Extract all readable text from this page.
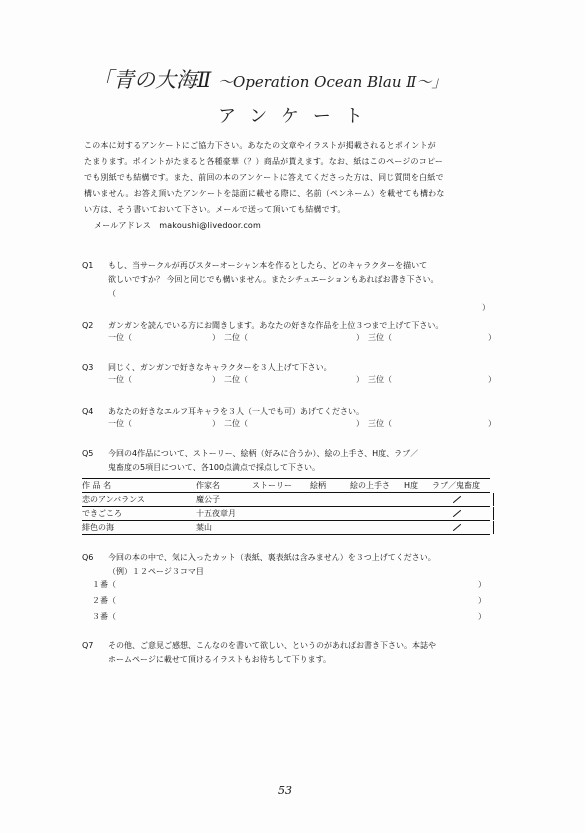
「青の大海Ⅱ ～Operation Ocean Blau Ⅱ～」
アンケート
この本に対するアンケートにご協力下さい。あなたの文章やイラストが掲載されるとポイントが
たまります。ポイントがたまると各種豪華（？）商品が貰えます。なお、紙はこのページのコピー
でも別紙でも結構です。また、前回の本のアンケートに答えてくださった方は、同じ質問を白紙で
構いません。お答え頂いたアンケートを誌面に載せる際に、名前（ペンネーム）を載せても構わな
い方は、そう書いておいて下さい。メールで送って頂いても結構です。
メールアドレス　makoushi@livedoor.com
Q1	もし、当サークルが再びスターオーシャン本を作るとしたら、どのキャラクターを描いて
欲しいですか？ 今回と同じでも構いません。またシチュエーションもあればお書き下さい。
（
）
Q2	ガンガンを読んでいる方にお聞きします。あなたの好きな作品を上位３つまで上げて下さい。
一位（	）　二位（	）　三位（	）
Q3	同じく、ガンガンで好きなキャラクターを３人上げて下さい。
一位（	）　二位（	）　三位（	）
Q4	あなたの好きなエルフ耳キャラを３人（一人でも可）あげてください。
一位（	）　二位（	）　三位（	）
Q5	今回の4作品について、ストーリー、絵柄（好みに合うか）、絵の上手さ、H度、ラブ／
鬼畜度の5項目について、各100点満点で採点して下さい。
作 品 名	作家名	ストーリー 絵柄	絵の上手さ H度 ラブ／鬼畜度
恋のアンバランス	魔公子
できごころ	十五夜章月
緋色の海	葉山
Q6	今回の本の中で、気に入ったカット（表紙、裏表紙は含みません）を３つ上げてください。
（例）１２ページ３コマ目
１番（
２番（
３番（
）
）
）
Q7	その他、ご意見ご感想、こんなのを書いて欲しい、というのがあればお書き下さい。本誌や
ホームページに載せて頂けるイラストもお待ちして下ります。
53
